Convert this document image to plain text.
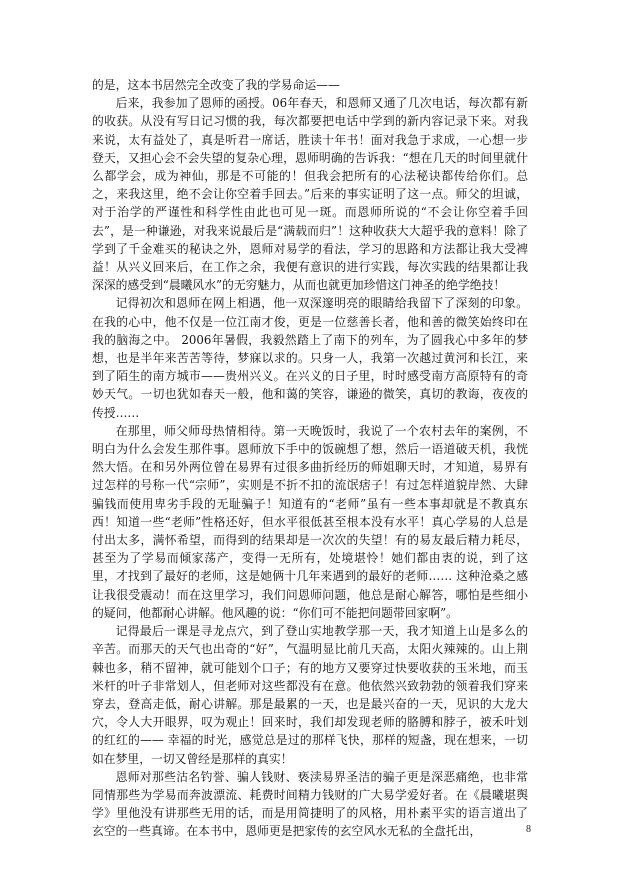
的是，这本书居然完全改变了我的学易命运——

后来，我参加了恩师的函授。06年春天，和恩师又通了几次电话，每次都有新的收获。从没有写日记习惯的我，每次都要把电话中学到的新内容记录下来。对我来说，太有益处了，真是听君一席话，胜读十年书！面对我急于求成，一心想一步登天，又担心会不会失望的复杂心理，恩师明确的告诉我：“想在几天的时间里就什么都学会，成为神仙，那是不可能的！但我会把所有的心法秘诀都传给你们。总之，来我这里，绝不会让你空着手回去。”后来的事实证明了这一点。师父的坦诚，对于治学的严谨性和科学性由此也可见一斑。而恩师所说的“不会让你空着手回去”，是一种谦逊，对我来说最后是“满载而归”！这种收获大大超乎我的意料！除了学到了千金难买的秘诀之外，恩师对易学的看法，学习的思路和方法都让我大受裨益！从兴义回来后，在工作之余，我便有意识的进行实践，每次实践的结果都让我深深的感受到“晨曦风水”的无穷魅力，从而也就更加珍惜这门神圣的绝学绝技！

记得初次和恩师在网上相遇，他一双深邃明亮的眼睛给我留下了深刻的印象。在我的心中，他不仅是一位江南才俊，更是一位慈善长者，他和善的微笑始终印在我的脑海之中。 2006年暑假，我毅然踏上了南下的列车，为了圆我心中多年的梦想，也是半年来苦苦等待，梦寐以求的。只身一人，我第一次越过黄河和长江，来到了陌生的南方城市——贵州兴义。在兴义的日子里，时时感受南方高原特有的奇妙天气。一切也犹如春天一般，他和蔼的笑容，谦逊的微笑，真切的教诲，夜夜的传授……

在那里，师父师母热情相待。第一天晚饭时，我说了一个农村去年的案例，不明白为什么会发生那件事。恩师放下手中的饭碗想了想，然后一语道破天机，我恍然大悟。在和另外两位曾在易界有过很多曲折经历的师姐聊天时，才知道，易界有过怎样的号称一代“宗师”，实则是不折不扣的流氓痞子！有过怎样道貌岸然、大肆骗钱而使用卑劣手段的无耻骗子！知道有的“老师”虽有一些本事却就是不教真东西！知道一些“老师”性格还好，但水平很低甚至根本没有水平！真心学易的人总是付出太多，满怀希望，而得到的结果却是一次次的失望！有的易友最后精力耗尽，甚至为了学易而倾家荡产，变得一无所有，处境堪怜！她们都由衷的说，到了这里，才找到了最好的老师，这是她俩十几年来遇到的最好的老师…… 这种沧桑之感让我很受震动！而在这里学习，我们问恩师问题，他总是耐心解答，哪怕是些细小的疑问，他都耐心讲解。他风趣的说：“你们可不能把问题带回家啊”。

记得最后一课是寻龙点穴，到了登山实地教学那一天，我才知道上山是多么的辛苦。而那天的天气也出奇的“好”，气温明显比前几天高，太阳火辣辣的。山上荆棘也多，稍不留神，就可能划个口子；有的地方又要穿过快要收获的玉米地，而玉米杆的叶子非常划人，但老师对这些都没有在意。他依然兴致勃勃的领着我们穿来穿去，登高走低，耐心讲解。那是最累的一天，也是最兴奋的一天，见识的大龙大穴，令人大开眼界，叹为观止！回来时，我们却发现老师的胳膊和脖子，被禾叶划的红红的—— 幸福的时光，感觉总是过的那样飞快，那样的短盏，现在想来，一切如在梦里，一切又曾经是那样的真实！

恩师对那些沽名钓誉、骗人钱财、亵渎易界圣洁的骗子更是深恶痛绝，也非常同情那些为学易而奔波漂流、耗费时间精力钱财的广大易学爱好者。在《晨曦堪舆学》里他没有讲那些无用的话，而是用简捷明了的风格，用朴素平实的语言道出了玄空的一些真谛。在本书中，恩师更是把家传的玄空风水无私的全盘托出，	8
